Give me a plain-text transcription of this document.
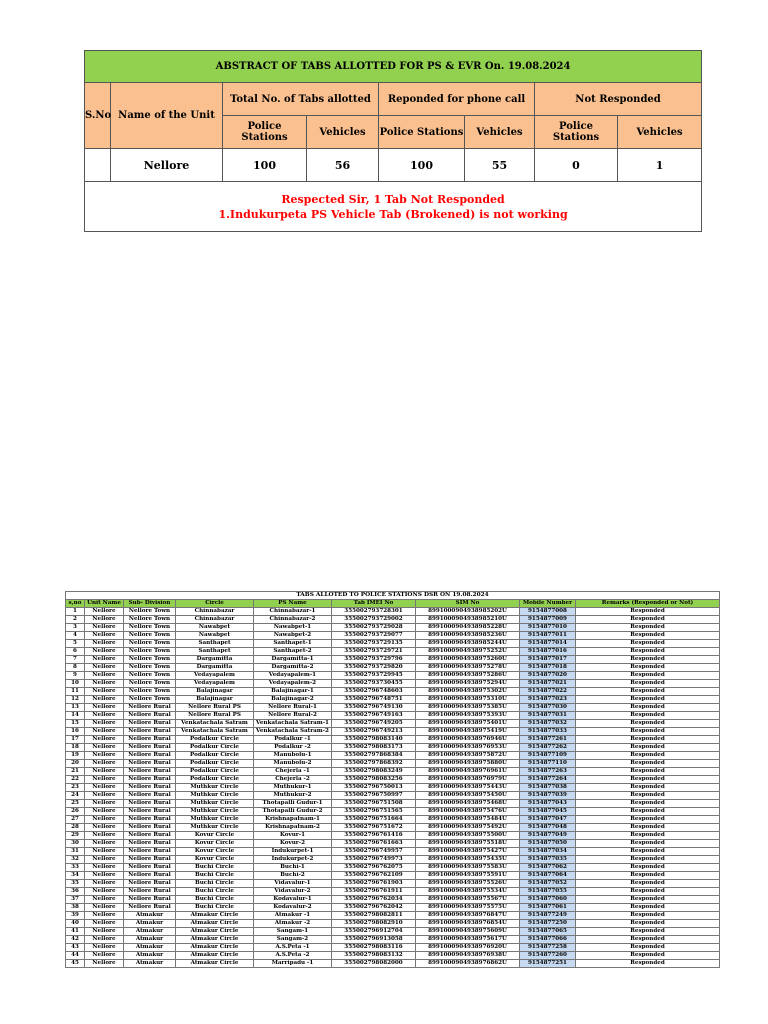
ABSTRACT OF TABS ALLOTTED FOR PS & EVR On. 19.08.2024							
S.No	Name of the Unit	Total No. of Tabs allotted		Reponded for phone call		Not Responded	
		Police Stations	Vehicles	Police Stations	Vehicles	Police Stations	Vehicles
	Nellore	100	56	100	55	0	1

Respected Sir, 1 Tab Not Responded
1.Indukurpeta PS Vehicle Tab (Brokened) is not working							
TABS ALLOTED TO POLICE STATIONS DSR ON 19.08.2024								
s,no	Unit Name	Sub- Division	Circle	PS Name	Tab IMEI No	SIM No	Mobile Number	Remarks (Responded or Not)
1	Nellore	Nellore Town	Chinnabazar	Chinnabazar-1	355002793728301	8991000904938985202U	9154877008	Responded
2	Nellore	Nellore Town	Chinnabazar	Chinnabazar-2	355002793729002	8991000904938985210U	9154877009	Responded
3	Nellore	Nellore Town	Nawabpet	Nawabpet-1	355002793729028	8991000904938985228U	9154877010	Responded
4	Nellore	Nellore Town	Nawabpet	Nawabpet-2	355002793729077	8991000904938985236U	9154877011	Responded
5	Nellore	Nellore Town	Santhapet	Santhapet-1	355002793729135	8991000904938985244U	9154877014	Responded
6	Nellore	Nellore Town	Santhapet	Santhapet-2	355002793729721	8991000904938975252U	9154877016	Responded
7	Nellore	Nellore Town	Dargamitta	Dargamitta-1	355002793729796	8991000904938975260U	9154877017	Responded
8	Nellore	Nellore Town	Dargamitta	Dargamitta-2	355002793729820	8991000904938975278U	9154877018	Responded
9	Nellore	Nellore Town	Vedayapalem	Vedayapalem-1	355002793729945	8991000904938975286U	9154877020	Responded
10	Nellore	Nellore Town	Vedayapalem	Vedayapalem-2	355002793730455	8991000904938975294U	9154877021	Responded
11	Nellore	Nellore Town	Balajinagar	Balajinagar-1	355002796748603	8991000904938975302U	9154877022	Responded
12	Nellore	Nellore Town	Balajinagar	Balajinagar-2	355002796748751	8991000904938975310U	9154877023	Responded
13	Nellore	Nellore Rural	Nellore Rural PS	Nellore Rural-1	355002796749130	8991000904938975385U	9154877030	Responded
14	Nellore	Nellore Rural	Nellore Rural PS	Nellore Rural-2	355002796749163	8991000904938975393U	9154877031	Responded
15	Nellore	Nellore Rural	Venkatachala Satram	Venkatachala Satram-1	355002796749205	8991000904938975401U	9154877032	Responded
16	Nellore	Nellore Rural	Venkatachala Satram	Venkatachala Satram-2	355002796749213	8991000904938975419U	9154877033	Responded
17	Nellore	Nellore Rural	Podalkur Circle	Podalkur -1	355002798083140	8991000904938976946U	9154877261	Responded
18	Nellore	Nellore Rural	Podalkur Circle	Podalkur -2	355002798083173	8991000904938976953U	9154877262	Responded
19	Nellore	Nellore Rural	Podalkur Circle	Manubolu-1	355002797868384	8991000904938975872U	9154877109	Responded
20	Nellore	Nellore Rural	Podalkur Circle	Manubolu-2	355002797868392	8991000904938975880U	9154877110	Responded
21	Nellore	Nellore Rural	Podalkur Circle	Chejerla -1	355002798083249	8991000904938976961U	9154877263	Responded
22	Nellore	Nellore Rural	Podalkur Circle	Chejerla -2	355002798083256	8991000904938976979U	9154877264	Responded
23	Nellore	Nellore Rural	Muthkur Circle	Muthukur-1	355002796750013	8991000904938975443U	9154877038	Responded
24	Nellore	Nellore Rural	Muthkur Circle	Muthukur-2	355002796750997	8991000904938975450U	9154877039	Responded
25	Nellore	Nellore Rural	Muthkur Circle	Thotapalli Gudur-1	355002796751508	8991000904938975468U	9154877043	Responded
26	Nellore	Nellore Rural	Muthkur Circle	Thotapalli Gudur-2	355002796751565	8991000904938975476U	9154877045	Responded
27	Nellore	Nellore Rural	Muthkur Circle	Krishnapatnam-1	355002796751664	8991000904938975484U	9154877047	Responded
28	Nellore	Nellore Rural	Muthkur Circle	Krishnapatnam-2	355002796751672	8991000904938975492U	9154877048	Responded
29	Nellore	Nellore Rural	Kovur Circle	Kovur-1	355002796761416	8991000904938975500U	9154877049	Responded
30	Nellore	Nellore Rural	Kovur Circle	Kovur-2	355002796761663	8991000904938975518U	9154877050	Responded
31	Nellore	Nellore Rural	Kovur Circle	Indukurpet-1	355002796749957	8991000904938975427U	9154877034	Responded
32	Nellore	Nellore Rural	Kovur Circle	Indukurpet-2	355002796749973	8991000904938975435U	9154877035	Responded
33	Nellore	Nellore Rural	Buchi Circle	Buchi-1	355002796762075	8991000904938975583U	9154877062	Responded
34	Nellore	Nellore Rural	Buchi Circle	Buchi-2	355002796762109	8991000904938975591U	9154877064	Responded
35	Nellore	Nellore Rural	Buchi Circle	Vidavalur-1	355002796761903	8991000904938975526U	9154877052	Responded
36	Nellore	Nellore Rural	Buchi Circle	Vidavalur-2	355002796761911	8991000904938975534U	9154877055	Responded
37	Nellore	Nellore Rural	Buchi Circle	Kodavalur-1	355002796762034	8991000904938975567U	9154877060	Responded
38	Nellore	Nellore Rural	Buchi Circle	Kodavalur-2	355002796762042	8991000904938975575U	9154877061	Responded
39	Nellore	Atmakur	Atmakur Circle	Atmakur -1	355002798082811	8991000904938976847U	9154877249	Responded
40	Nellore	Atmakur	Atmakur Circle	Atmakur -2	355002798082910	8991000904938976854U	9154877250	Responded
41	Nellore	Atmakur	Atmakur Circle	Sangam-1	355002796912704	8991000904938975609U	9154877065	Responded
42	Nellore	Atmakur	Atmakur Circle	Sangam-2	355002796913058	8991000904938975617U	9154877066	Responded
43	Nellore	Atmakur	Atmakur Circle	A.S.Peta -1	355002798083116	8991000904938976920U	9154877258	Responded
44	Nellore	Atmakur	Atmakur Circle	A.S.Peta -2	355002798083132	8991000904938976938U	9154877260	Responded
45	Nellore	Atmakur	Atmakur Circle	Marripadu -1	355002798082000	8991000904938976862U	9154877251	Responded
